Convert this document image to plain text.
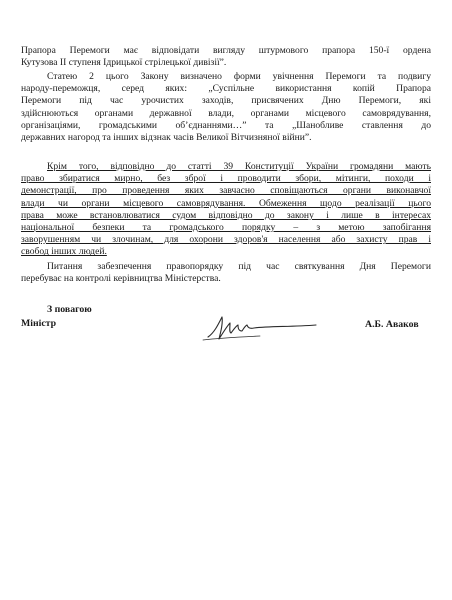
Прапора Перемоги має відповідати вигляду штурмового прапора 150-ї ордена
Кутузова ІІ ступеня Ідрицької стрілецької дивізії”.

Статею 2 цього Закону визначено форми увічнення Перемоги та подвигу
народу-переможця, серед яких: „Суспільне використання копій Прапора
Перемоги під час урочистих заходів, присвячених Дню Перемоги, які
здійснюються органами державної влади, органами місцевого самоврядування,
організаціями, громадськими об’єднаннями…” та „Шанобливе ставлення до
державних нагород та інших відзнак часів Великої Вітчизняної війни”.

Крім того, відповідно до статті 39 Конституції України громадяни мають
право збиратися мирно, без зброї і проводити збори, мітинги, походи і
демонстрації, про проведення яких завчасно сповіщаються органи виконавчої
влади чи органи місцевого самоврядування. Обмеження щодо реалізації цього
права може встановлюватися судом відповідно до закону і лише в інтересах
національної безпеки та громадського порядку – з метою запобігання
заворушенням чи злочинам, для охорони здоров'я населення або захисту прав і
свобод інших людей.

Питання забезпечення правопорядку під час святкування Дня Перемоги
перебуває на контролі керівництва Міністерства.

З повагою
Міністр	А.Б. Аваков
